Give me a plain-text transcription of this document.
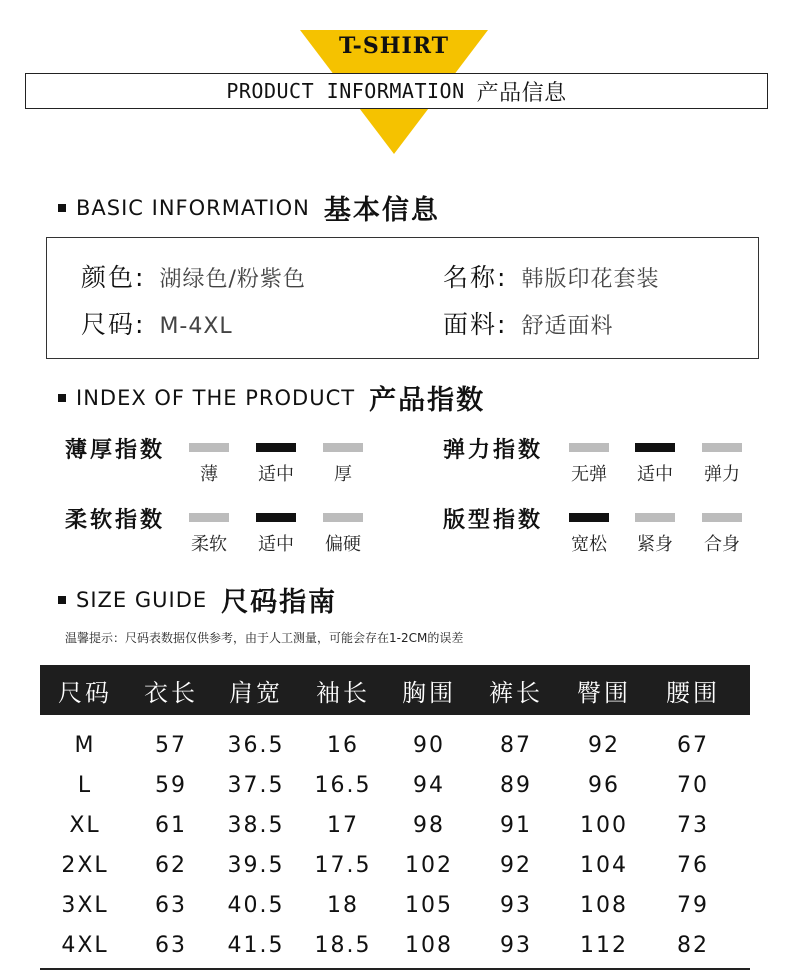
T-SHIRT
PRODUCT INFORMATION 产品信息
BASIC INFORMATION 基本信息
颜色: 湖绿色/粉紫色	名称: 韩版印花套装
尺码: M-4XL	面料: 舒适面料
INDEX OF THE PRODUCT 产品指数
薄厚指数
薄	适中	厚
弹力指数
无弹	适中	弹力
柔软指数
柔软	适中	偏硬
版型指数
宽松	紧身	合身
SIZE GUIDE 尺码指南
温馨提示：尺码表数据仅供参考，由于人工测量，可能会存在1-2CM的误差
尺码	衣长	肩宽	袖长	胸围	裤长	臀围	腰围
M	57	36.5	16	90	87	92	67
L	59	37.5	16.5	94	89	96	70
XL	61	38.5	17	98	91	100	73
2XL	62	39.5	17.5	102	92	104	76
3XL	63	40.5	18	105	93	108	79
4XL	63	41.5	18.5	108	93	112	82
